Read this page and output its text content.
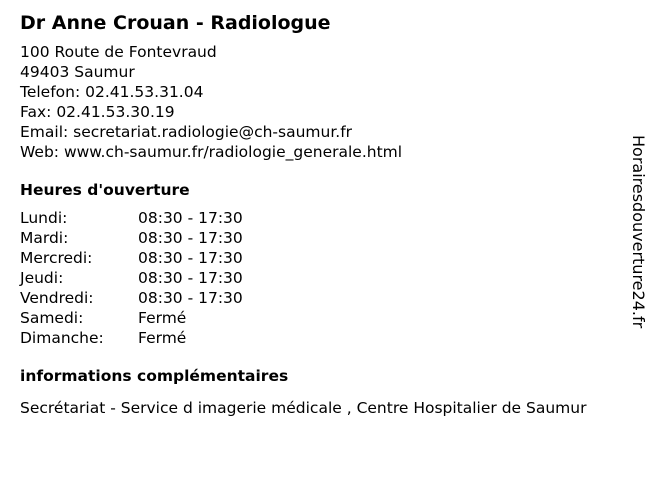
Dr Anne Crouan - Radiologue
100 Route de Fontevraud
49403 Saumur
Telefon: 02.41.53.31.04
Fax: 02.41.53.30.19
Email: secretariat.radiologie@ch-saumur.fr
Web: www.ch-saumur.fr/radiologie_generale.html
Heures d'ouverture
Lundi:	08:30 - 17:30
Mardi:	08:30 - 17:30
Mercredi:	08:30 - 17:30
Jeudi:	08:30 - 17:30
Vendredi:	08:30 - 17:30
Samedi:	Fermé
Dimanche:	Fermé
informations complémentaires
Secrétariat - Service d imagerie médicale , Centre Hospitalier de Saumur
Horairesdouverture24.fr
